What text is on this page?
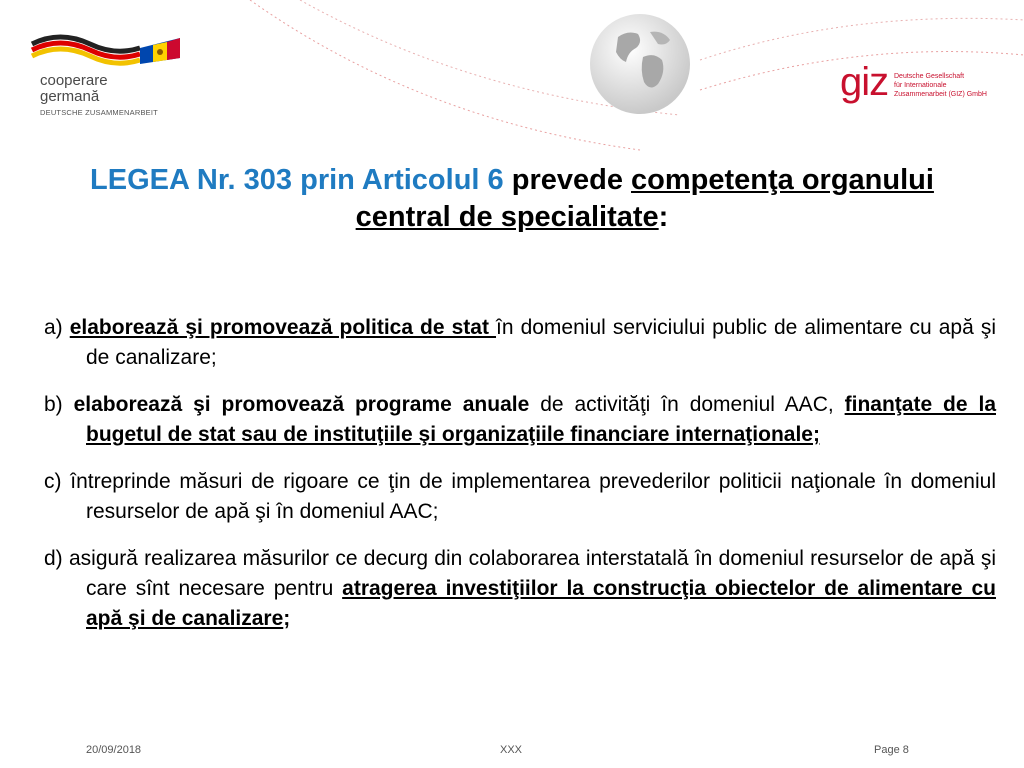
cooperare
germană
DEUTSCHE ZUSAMMENARBEIT
giz Deutsche Gesellschaft
für Internationale
Zusammenarbeit (GIZ) GmbH
LEGEA Nr. 303 prin Articolul 6 prevede competenţa organului central de specialitate:

a) elaborează şi promovează politica de stat în domeniul serviciului public de alimentare cu apă şi de canalizare;

b) elaborează şi promovează programe anuale de activităţi în domeniul AAC, finanţate de la bugetul de stat sau de instituţiile şi organizaţiile financiare internaţionale;

c) întreprinde măsuri de rigoare ce ţin de implementarea prevederilor politicii naţionale în domeniul resurselor de apă şi în domeniul AAC;

d) asigură realizarea măsurilor ce decurg din colaborarea interstatală în domeniul resurselor de apă şi care sînt necesare pentru atragerea investiţiilor la construcţia obiectelor de alimentare cu apă şi de canalizare;

20/09/2018	XXX	Page 8
